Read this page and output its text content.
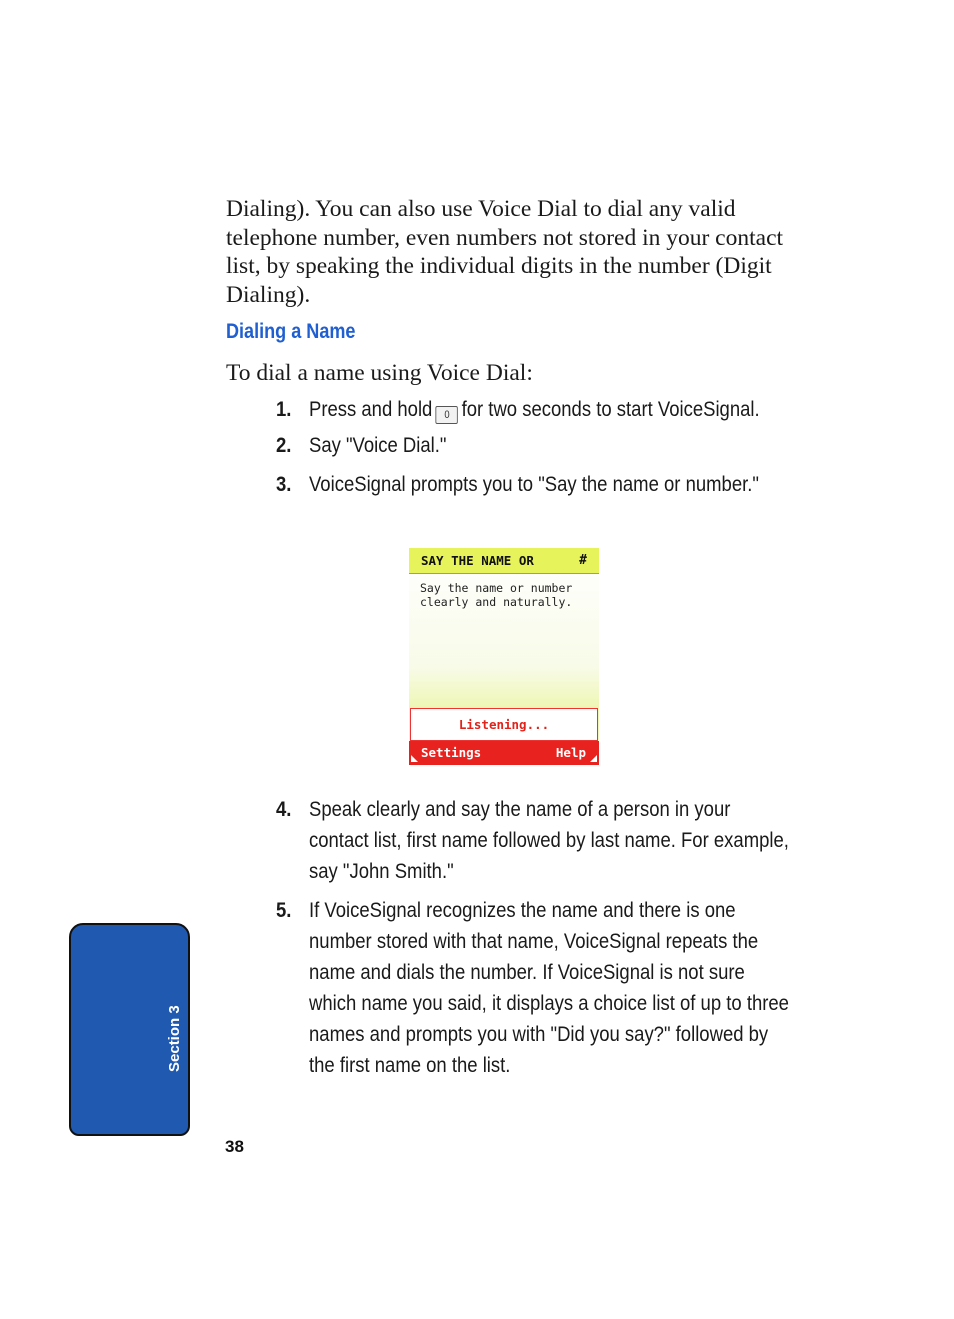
Dialing). You can also use Voice Dial to dial any valid telephone number, even numbers not stored in your contact list, by speaking the individual digits in the number (Digit Dialing).

Dialing a Name

To dial a name using Voice Dial:

1. Press and hold 0 for two seconds to start VoiceSignal.
2. Say "Voice Dial."
3. VoiceSignal prompts you to "Say the name or number."
SAY THE NAME OR	#
Say the name or number
clearly and naturally.
Listening...
Settings	Help
4. Speak clearly and say the name of a person in your contact list, first name followed by last name. For example, say "John Smith."
5. If VoiceSignal recognizes the name and there is one number stored with that name, VoiceSignal repeats the name and dials the number. If VoiceSignal is not sure which name you said, it displays a choice list of up to three names and prompts you with "Did you say?" followed by the first name on the list.
Section 3
38
